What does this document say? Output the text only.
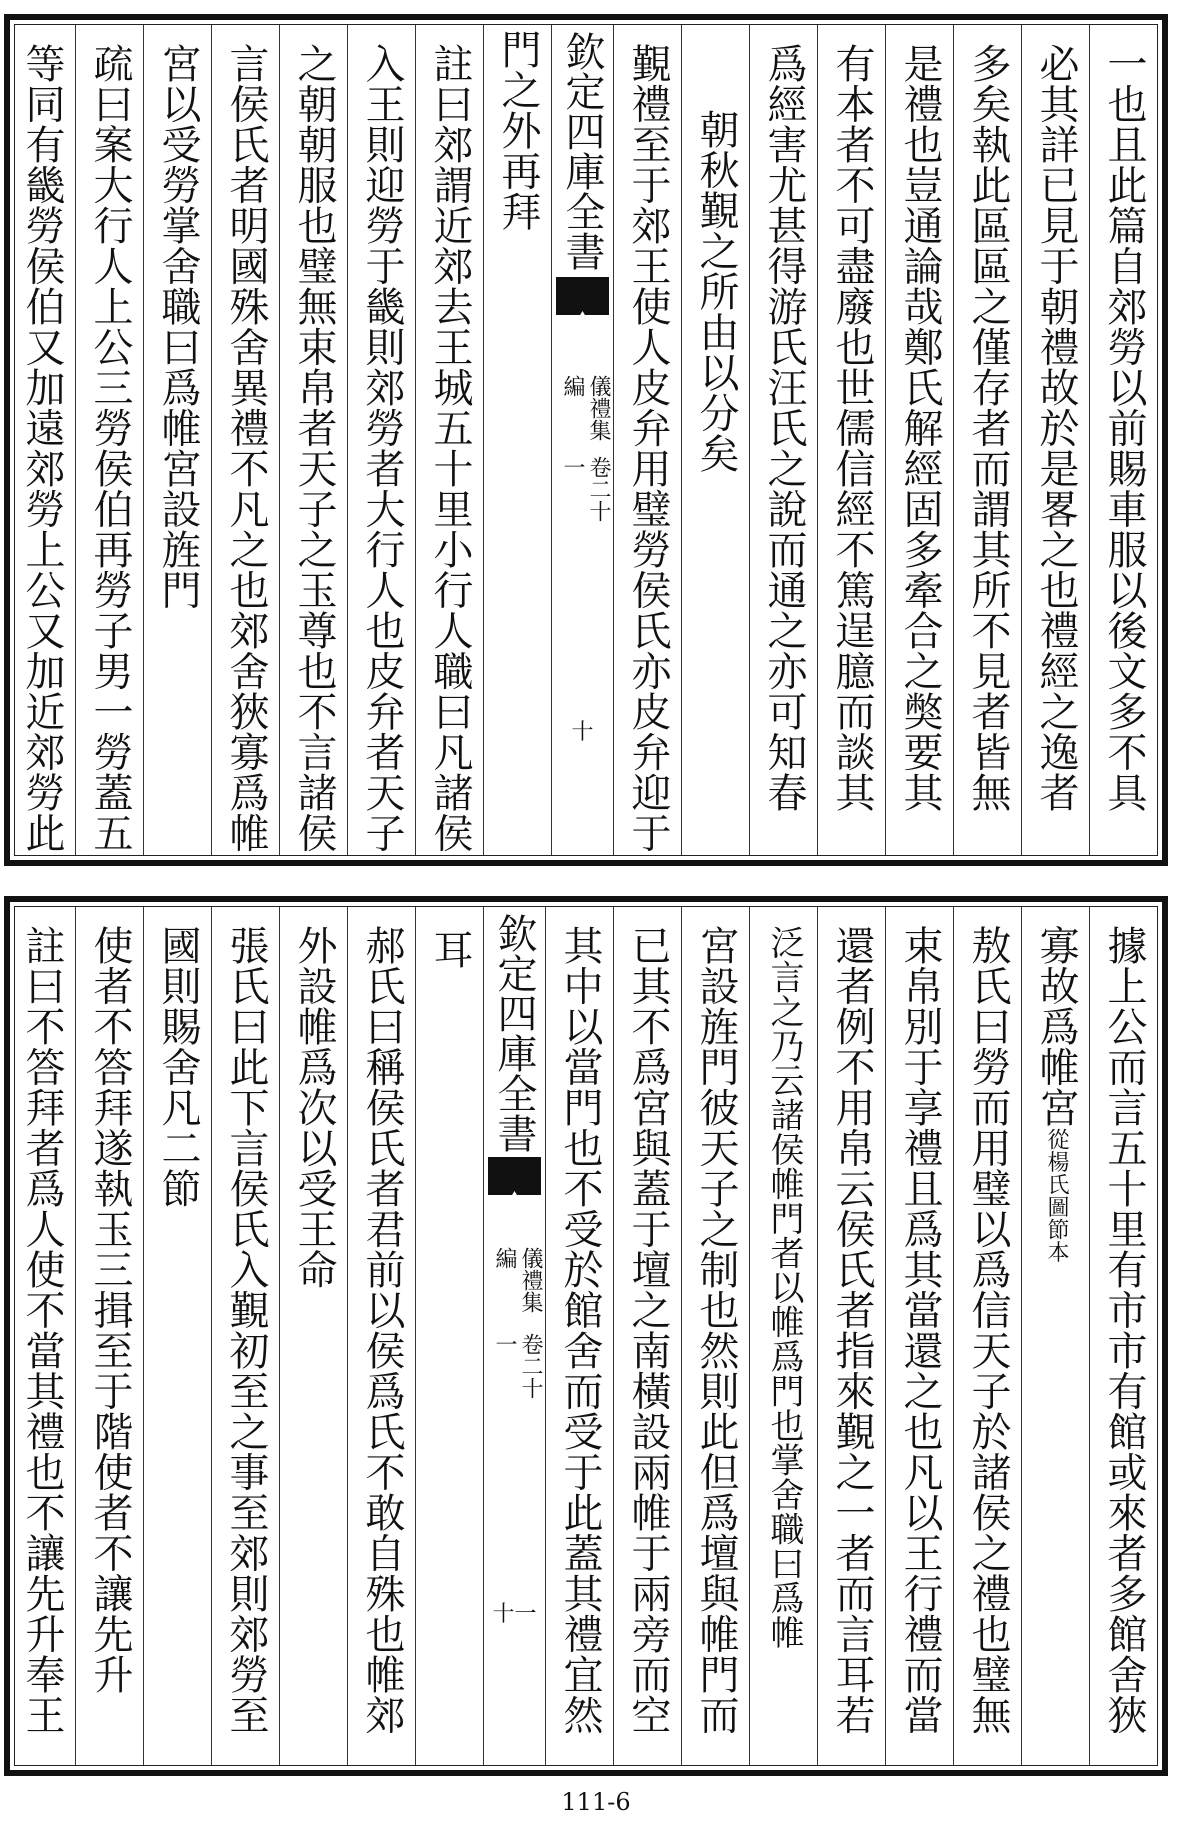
一也且此篇自郊勞以前賜車服以後文多不具
必其詳已見于朝禮故於是畧之也禮經之逸者
多矣執此區區之僅存者而謂其所不見者皆無
是禮也豈通論哉鄭氏解經固多牽合之獘要其
有本者不可盡廢也世儒信經不篤逞臆而談其
爲經害尤甚得游氏汪氏之說而通之亦可知春
朝秋覲之所由以分矣
覲禮至于郊王使人皮弁用璧勞侯氏亦皮弁迎于
欽定四庫全書
儀禮集編
卷二十一
十
門之外再拜
註曰郊謂近郊去王城五十里小行人職曰凡諸侯
入王則迎勞于畿則郊勞者大行人也皮弁者天子
之朝朝服也璧無束帛者天子之玉尊也不言諸侯
言侯氏者明國殊舍異禮不凡之也郊舍狹寡爲帷
宮以受勞掌舍職曰爲帷宮設旌門
疏曰案大行人上公三勞侯伯再勞子男一勞蓋五
等同有畿勞侯伯又加遠郊勞上公又加近郊勞此
據上公而言五十里有市市有館或來者多館舍狹
寡故爲帷宮從楊氏圖節本
敖氏曰勞而用璧以爲信天子於諸侯之禮也璧無
束帛別于享禮且爲其當還之也凡以王行禮而當
還者例不用帛云侯氏者指來覲之一者而言耳若
泛言之乃云諸侯帷門者以帷爲門也掌舍職曰爲帷
宮設旌門彼天子之制也然則此但爲壇與帷門而
已其不爲宮與蓋于壇之南橫設兩帷于兩旁而空
其中以當門也不受於館舍而受于此蓋其禮宜然
欽定四庫全書
儀禮集編
卷二十一
十一
耳
郝氏曰稱侯氏者君前以侯爲氏不敢自殊也帷郊
外設帷爲次以受王命
張氏曰此下言侯氏入覲初至之事至郊則郊勞至
國則賜舍凡二節
使者不答拜遂執玉三揖至于階使者不讓先升
註曰不答拜者爲人使不當其禮也不讓先升奉王
111-6
